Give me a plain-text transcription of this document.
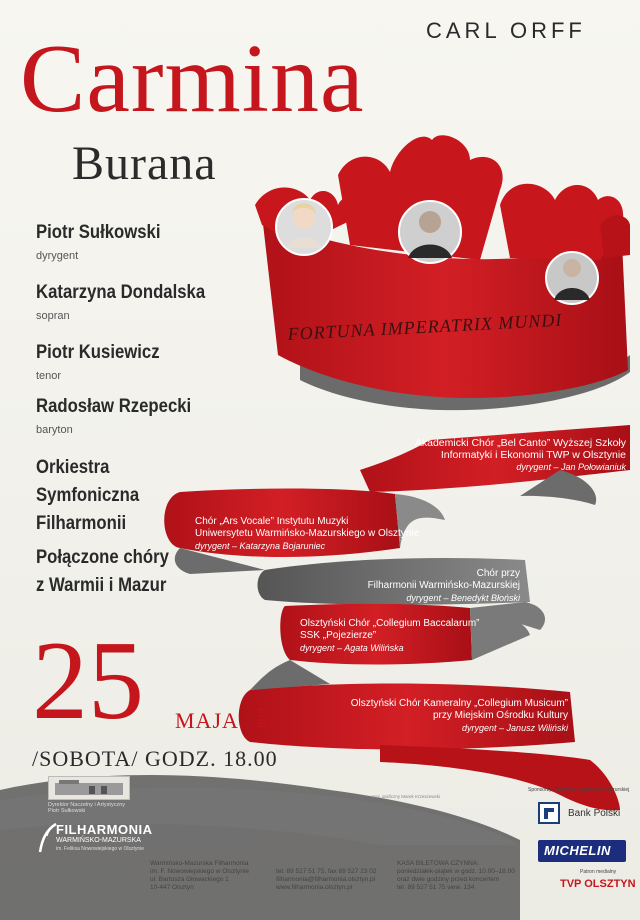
FORTUNA IMPERATRIX MUNDI
CARL ORFF
Carmina
Burana
Piotr Sułkowski
dyrygent
Katarzyna Dondalska
sopran
Piotr Kusiewicz
tenor
Radosław Rzepecki
baryton
Orkiestra
Symfoniczna
Filharmonii
Połączone chóry
z Warmii i Mazur
Akademicki Chór „Bel Canto” Wyższej Szkoły
Informatyki i Ekonomii TWP w Olsztynie
dyrygent – Jan Połowianiuk
Chór „Ars Vocale” Instytutu Muzyki
Uniwersytetu Warmińsko-Mazurskiego w Olsztynie
dyrygent – Katarzyna Bojaruniec
Chór przy
Filharmonii Warmińsko-Mazurskiej
dyrygent – Benedykt Błoński
Olsztyński Chór „Collegium Baccalarum”
SSK „Pojezierze”
dyrygent – Agata Wilińska
Olsztyński Chór Kameralny „Collegium Musicum”
przy Miejskim Ośrodku Kultury
dyrygent – Janusz Wiliński
25 MAJA 2013
/SOBOTA/ GODZ. 18.00
Dyrektor Naczelny i Artystyczny
Piotr Sułkowski
FILHARMONIA
WARMIŃSKO-MAZURSKA
im. Feliksa Nowowiejskiego w Olsztynie
Warmińsko-Mazurska Filharmonia
im. F. Nowowiejskiego w Olsztynie
ul. Bartosza Głowackiego 1
10-447 Olsztyn
tel. 89 527 51 75, fax 89 527 23 02
filharmonia@filharmonia.olsztyn.pl
www.filharmonia.olsztyn.pl
KASA BILETOWA CZYNNA:
poniedziałek-piątek w godz. 10.00–18.00
oraz dwie godziny przed koncertem
tel. 89 527 51 75 wew. 134
proj. graficzny Marek Krzeszewski
Sponsorzy Filharmonii Warmińsko-Mazurskiej
Bank Polski
MICHELIN
Patron medialny
TVP OLSZTYN
